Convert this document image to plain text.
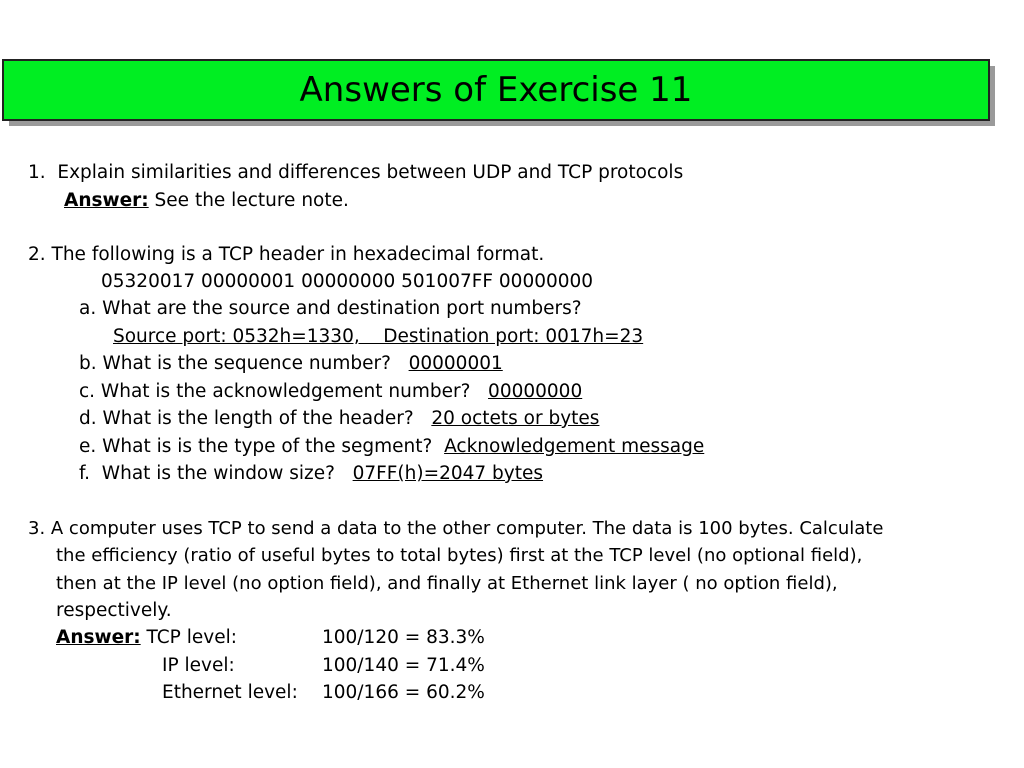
Answers of Exercise 11
1.  Explain similarities and differences between UDP and TCP protocols
Answer: See the lecture note.
2. The following is a TCP header in hexadecimal format.
05320017 00000001 00000000 501007FF 00000000
a. What are the source and destination port numbers?
Source port: 0532h=1330,    Destination port: 0017h=23
b. What is the sequence number?   00000001
c. What is the acknowledgement number?   00000000
d. What is the length of the header?   20 octets or bytes
e. What is is the type of the segment?  Acknowledgement message
f.  What is the window size?   07FF(h)=2047 bytes
3. A computer uses TCP to send a data to the other computer. The data is 100 bytes. Calculate
the efficiency (ratio of useful bytes to total bytes) first at the TCP level (no optional field),
then at the IP level (no option field), and finally at Ethernet link layer ( no option field),
respectively.
Answer: TCP level:	100/120 = 83.3%
IP level:	100/140 = 71.4%
Ethernet level: 100/166 = 60.2%
